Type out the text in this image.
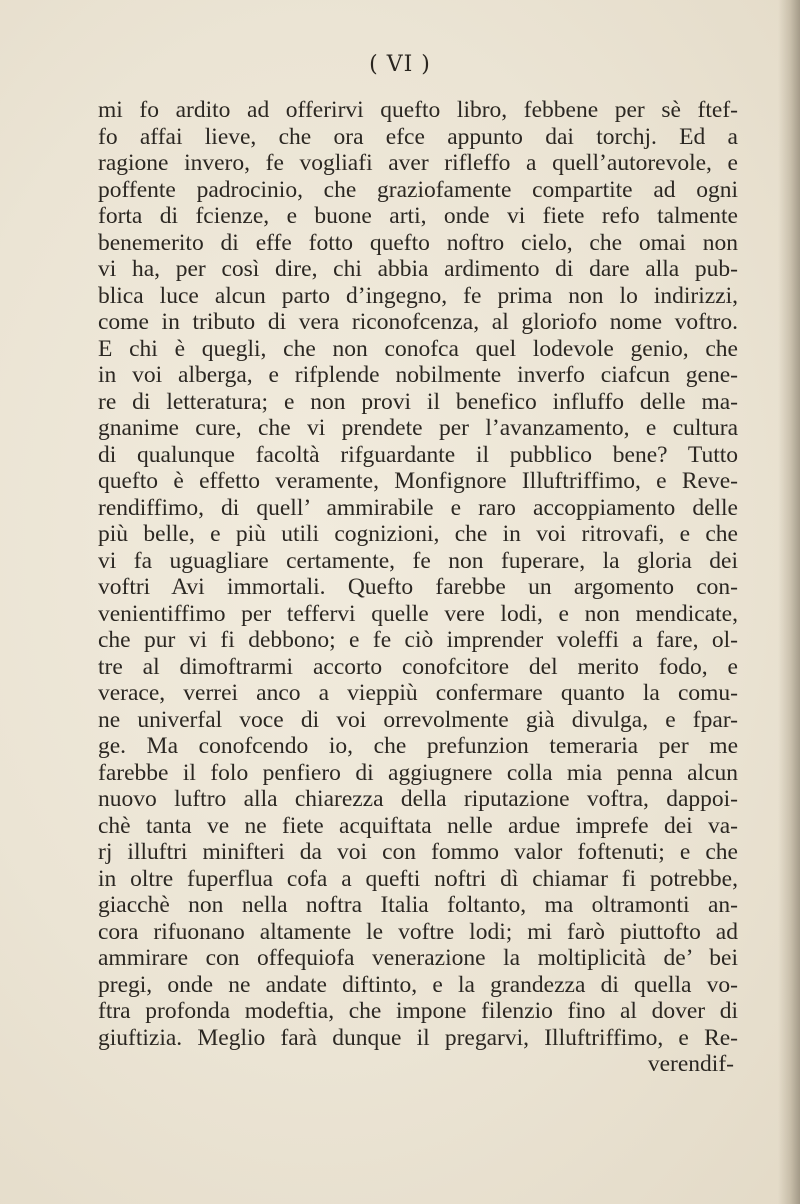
( VI )
mi fo ardito ad offerirvi quefto libro, febbene per sè ftef-
fo affai lieve, che ora efce appunto dai torchj. Ed a
ragione invero, fe vogliafi aver rifleffo a quell’autorevole, e
poffente padrocinio, che graziofamente compartite ad ogni
forta di fcienze, e buone arti, onde vi fiete refo talmente
benemerito di effe fotto quefto noftro cielo, che omai non
vi ha, per così dire, chi abbia ardimento di dare alla pub-
blica luce alcun parto d’ingegno, fe prima non lo indirizzi,
come in tributo di vera riconofcenza, al gloriofo nome voftro.
E chi è quegli, che non conofca quel lodevole genio, che
in voi alberga, e rifplende nobilmente inverfo ciafcun gene-
re di letteratura; e non provi il benefico influffo delle ma-
gnanime cure, che vi prendete per l’avanzamento, e cultura
di qualunque facoltà rifguardante il pubblico bene? Tutto
quefto è effetto veramente, Monfignore Illuftriffimo, e Reve-
rendiffimo, di quell’ ammirabile e raro accoppiamento delle
più belle, e più utili cognizioni, che in voi ritrovafi, e che
vi fa uguagliare certamente, fe non fuperare, la gloria dei
voftri Avi immortali. Quefto farebbe un argomento con-
venientiffimo per teffervi quelle vere lodi, e non mendicate,
che pur vi fi debbono; e fe ciò imprender voleffi a fare, ol-
tre al dimoftrarmi accorto conofcitore del merito fodo, e
verace, verrei anco a vieppiù confermare quanto la comu-
ne univerfal voce di voi orrevolmente già divulga, e fpar-
ge. Ma conofcendo io, che prefunzion temeraria per me
farebbe il folo penfiero di aggiugnere colla mia penna alcun
nuovo luftro alla chiarezza della riputazione voftra, dappoi-
chè tanta ve ne fiete acquiftata nelle ardue imprefe dei va-
rj illuftri minifteri da voi con fommo valor foftenuti; e che
in oltre fuperflua cofa a quefti noftri dì chiamar fi potrebbe,
giacchè non nella noftra Italia foltanto, ma oltramonti an-
cora rifuonano altamente le voftre lodi; mi farò piuttofto ad
ammirare con offequiofa venerazione la moltiplicità de’ bei
pregi, onde ne andate diftinto, e la grandezza di quella vo-
ftra profonda modeftia, che impone filenzio fino al dover di
giuftizia. Meglio farà dunque il pregarvi, Illuftriffimo, e Re-
verendif-
